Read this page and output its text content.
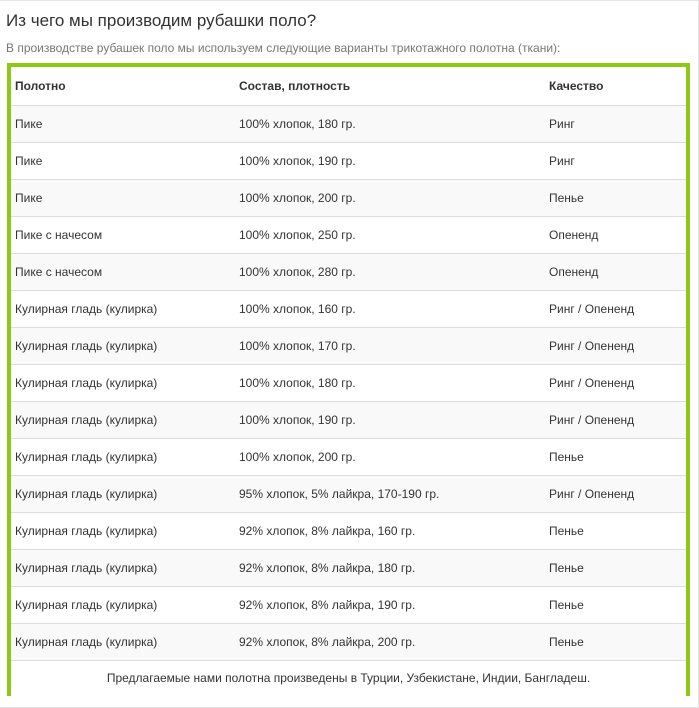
Из чего мы производим рубашки поло?

В производстве рубашек поло мы используем следующие варианты трикотажного полотна (ткани):

Полотно	Состав, плотность	Качество
Пике	100% хлопок, 180 гр.	Ринг
Пике	100% хлопок, 190 гр.	Ринг
Пике	100% хлопок, 200 гр.	Пенье
Пике с начесом	100% хлопок, 250 гр.	Опененд
Пике с начесом	100% хлопок, 280 гр.	Опененд
Кулирная гладь (кулирка)	100% хлопок, 160 гр.	Ринг / Опененд
Кулирная гладь (кулирка)	100% хлопок, 170 гр.	Ринг / Опененд
Кулирная гладь (кулирка)	100% хлопок, 180 гр.	Ринг / Опененд
Кулирная гладь (кулирка)	100% хлопок, 190 гр.	Ринг / Опененд
Кулирная гладь (кулирка)	100% хлопок, 200 гр.	Пенье
Кулирная гладь (кулирка)	95% хлопок, 5% лайкра, 170-190 гр.	Ринг / Опененд
Кулирная гладь (кулирка)	92% хлопок, 8% лайкра, 160 гр.	Пенье
Кулирная гладь (кулирка)	92% хлопок, 8% лайкра, 180 гр.	Пенье
Кулирная гладь (кулирка)	92% хлопок, 8% лайкра, 190 гр.	Пенье
Кулирная гладь (кулирка)	92% хлопок, 8% лайкра, 200 гр.	Пенье
Предлагаемые нами полотна произведены в Турции, Узбекистане, Индии, Бангладеш.		
